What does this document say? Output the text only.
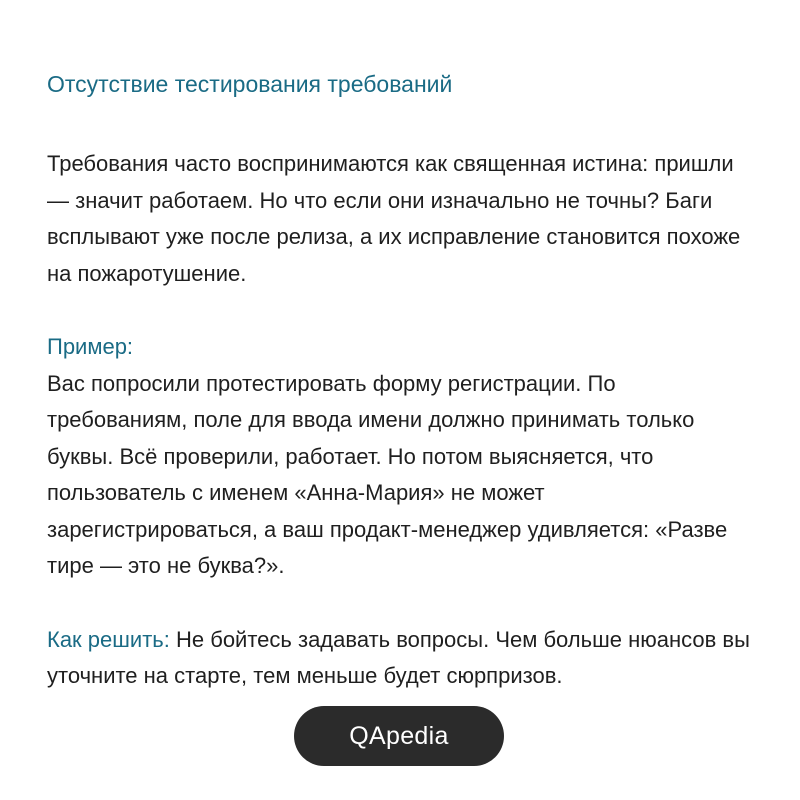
Отсутствие тестирования требований

Требования часто воспринимаются как священная истина: пришли — значит работаем. Но что если они изначально не точны? Баги всплывают уже после релиза, а их исправление становится похоже на пожаротушение.

Пример:

Вас попросили протестировать форму регистрации. По требованиям, поле для ввода имени должно принимать только буквы. Всё проверили, работает. Но потом выясняется, что пользователь с именем «Анна-Мария» не может зарегистрироваться, а ваш продакт-менеджер удивляется: «Разве тире — это не буква?».

Как решить: Не бойтесь задавать вопросы. Чем больше нюансов вы уточните на старте, тем меньше будет сюрпризов.

QApedia
